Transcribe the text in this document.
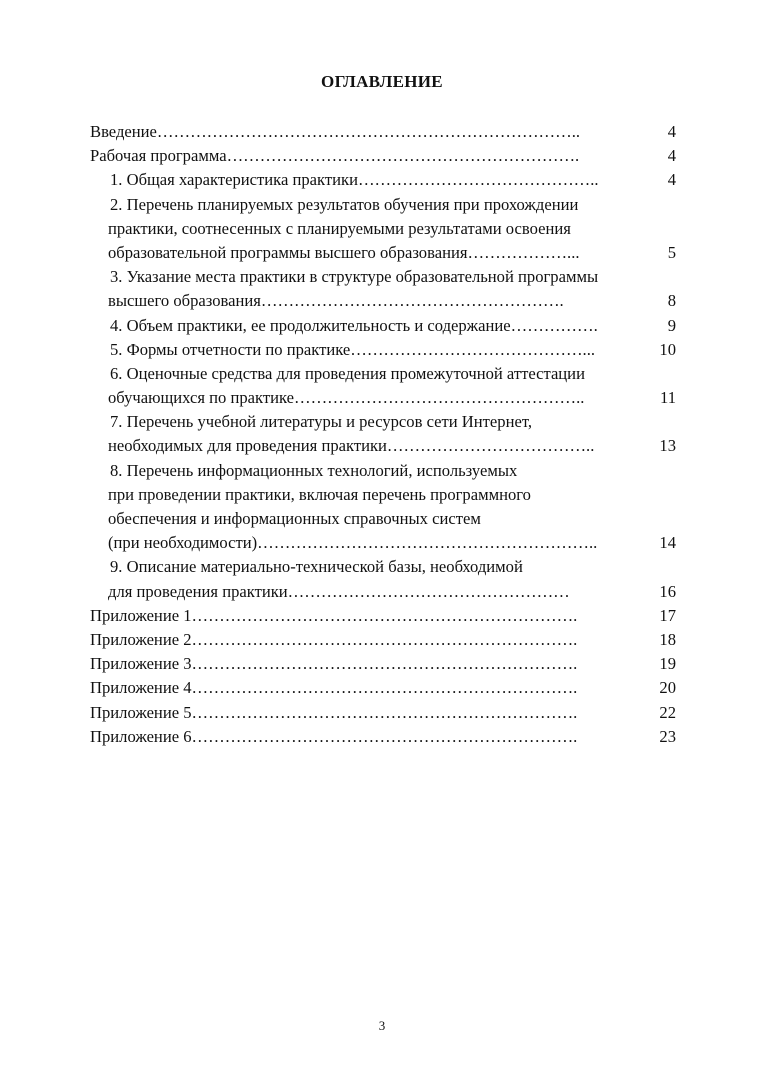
ОГЛАВЛЕНИЕ
Введение…………………………………………………………………..	4
Рабочая программа……………………………………………………….	4
1. Общая характеристика практики……………………………………..	4
2. Перечень планируемых результатов обучения при прохождении
практики, соотнесенных с планируемыми результатами освоения
образовательной программы высшего образования………………...	5
3. Указание места практики в структуре образовательной программы
высшего образования……………………………………………….	8
4. Объем практики, ее продолжительность и содержание…………….	9
5. Формы отчетности по практике……………………………………...	10
6. Оценочные средства для проведения промежуточной аттестации
обучающихся по практике……………………………………………..	11
7. Перечень учебной литературы и ресурсов сети Интернет,
необходимых для проведения практики………………………………..	13
8. Перечень информационных технологий, используемых
при проведении практики, включая перечень программного
обеспечения и информационных справочных систем
(при необходимости)……………………………………………………..	14
9. Описание материально-технической базы, необходимой
для проведения практики……………………………………………	16
Приложение 1…………………………………………………………….	17
Приложение 2…………………………………………………………….	18
Приложение 3…………………………………………………………….	19
Приложение 4…………………………………………………………….	20
Приложение 5…………………………………………………………….	22
Приложение 6…………………………………………………………….	23
3
